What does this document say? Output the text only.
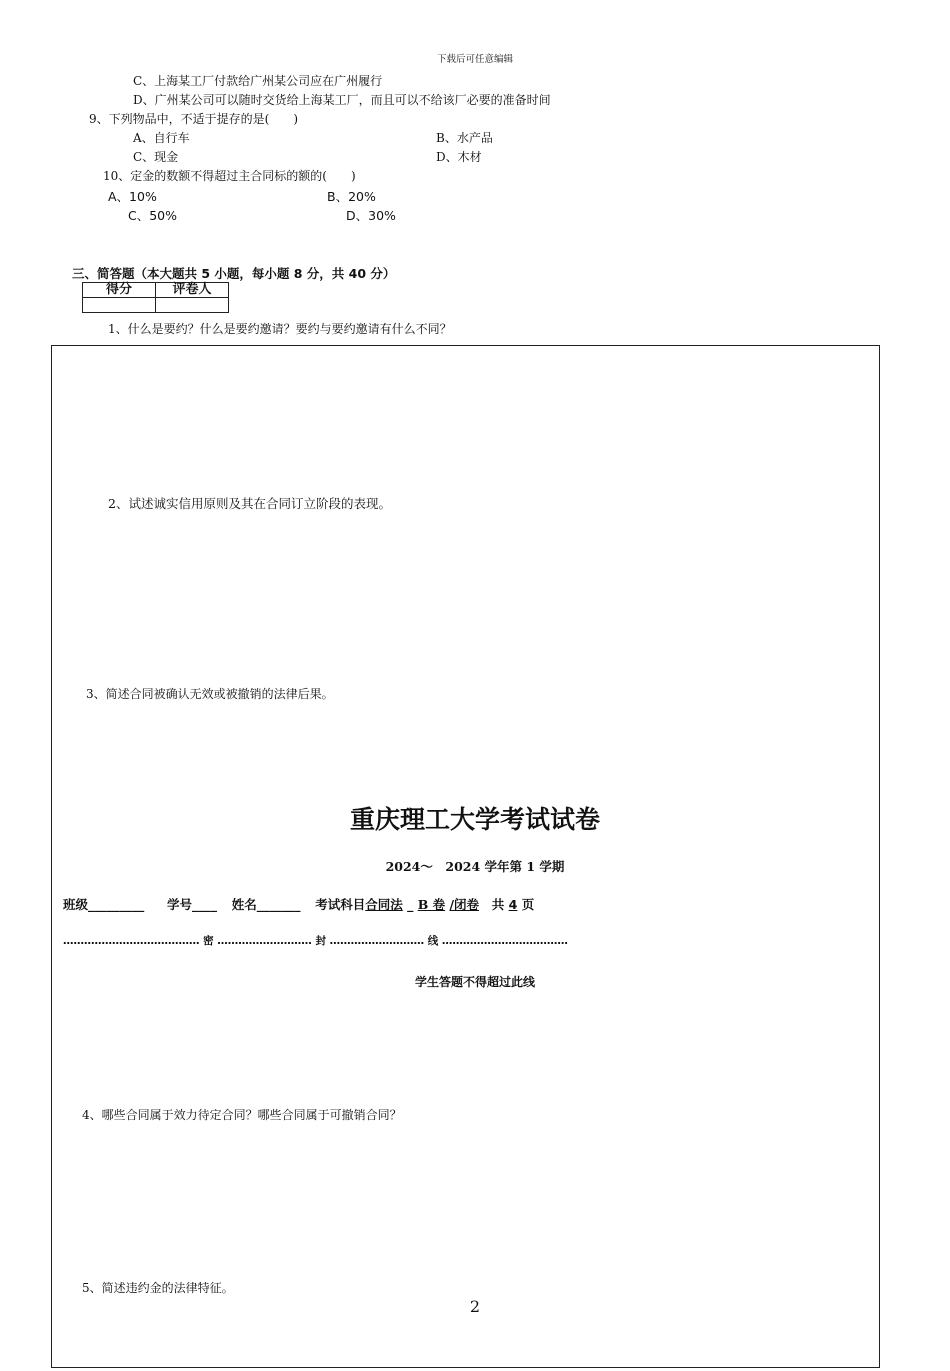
下载后可任意编辑
C、上海某工厂付款给广州某公司应在广州履行
D、广州某公司可以随时交货给上海某工厂，而且可以不给该厂必要的准备时间
9、下列物品中，不适于提存的是(　　)
A、自行车	B、水产品
C、现金	D、木材
10、定金的数额不得超过主合同标的额的(　　)
A、10%	B、20%
C、50%	D、30%
三、简答题（本大题共 5 小题，每小题 8 分，共 40 分）
得分	评卷人

1、什么是要约？什么是要约邀请？要约与要约邀请有什么不同？
2、试述诚实信用原则及其在合同订立阶段的表现。
3、简述合同被确认无效或被撤销的法律后果。
重庆理工大学考试试卷
2024～　2024 学年第 1 学期
班级_________ 学号____ 姓名_______ 考试科目合同法 _ B 卷 /闭卷 共 4 页
………………………………… 密 ……………………… 封 ……………………… 线 ………………………………
学生答题不得超过此线
4、哪些合同属于效力待定合同？哪些合同属于可撤销合同？
5、简述违约金的法律特征。
2
